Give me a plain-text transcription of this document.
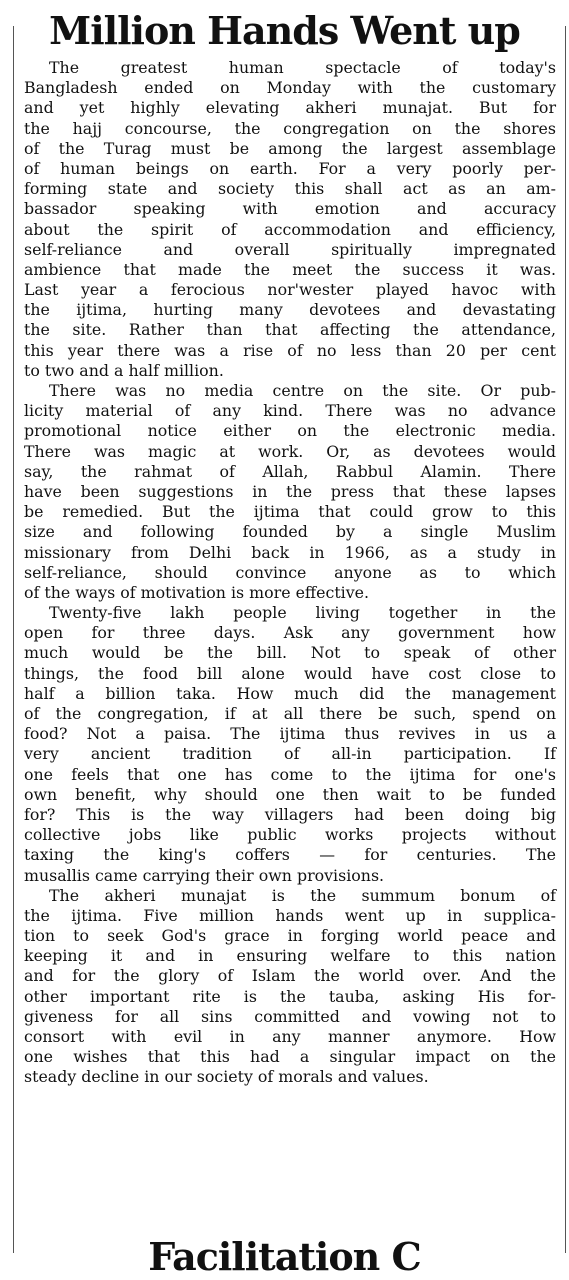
Million Hands Went up
The greatest human spectacle of today's
Bangladesh ended on Monday with the customary
and yet highly elevating akheri munajat. But for
the hajj concourse, the congregation on the shores
of the Turag must be among the largest assemblage
of human beings on earth. For a very poorly per-
forming state and society this shall act as an am-
bassador speaking with emotion and accuracy
about the spirit of accommodation and efficiency,
self-reliance and overall spiritually impregnated
ambience that made the meet the success it was.
Last year a ferocious nor'wester played havoc with
the ijtima, hurting many devotees and devastating
the site. Rather than that affecting the attendance,
this year there was a rise of no less than 20 per cent
to two and a half million.
There was no media centre on the site. Or pub-
licity material of any kind. There was no advance
promotional notice either on the electronic media.
There was magic at work. Or, as devotees would
say, the rahmat of Allah, Rabbul Alamin. There
have been suggestions in the press that these lapses
be remedied. But the ijtima that could grow to this
size and following founded by a single Muslim
missionary from Delhi back in 1966, as a study in
self-reliance, should convince anyone as to which
of the ways of motivation is more effective.
Twenty-five lakh people living together in the
open for three days. Ask any government how
much would be the bill. Not to speak of other
things, the food bill alone would have cost close to
half a billion taka. How much did the management
of the congregation, if at all there be such, spend on
food? Not a paisa. The ijtima thus revives in us a
very ancient tradition of all-in participation. If
one feels that one has come to the ijtima for one's
own benefit, why should one then wait to be funded
for? This is the way villagers had been doing big
collective jobs like public works projects without
taxing the king's coffers — for centuries. The
musallis came carrying their own provisions.
The akheri munajat is the summum bonum of
the ijtima. Five million hands went up in supplica-
tion to seek God's grace in forging world peace and
keeping it and in ensuring welfare to this nation
and for the glory of Islam the world over. And the
other important rite is the tauba, asking His for-
giveness for all sins committed and vowing not to
consort with evil in any manner anymore. How
one wishes that this had a singular impact on the
steady decline in our society of morals and values.
Facilitation C
